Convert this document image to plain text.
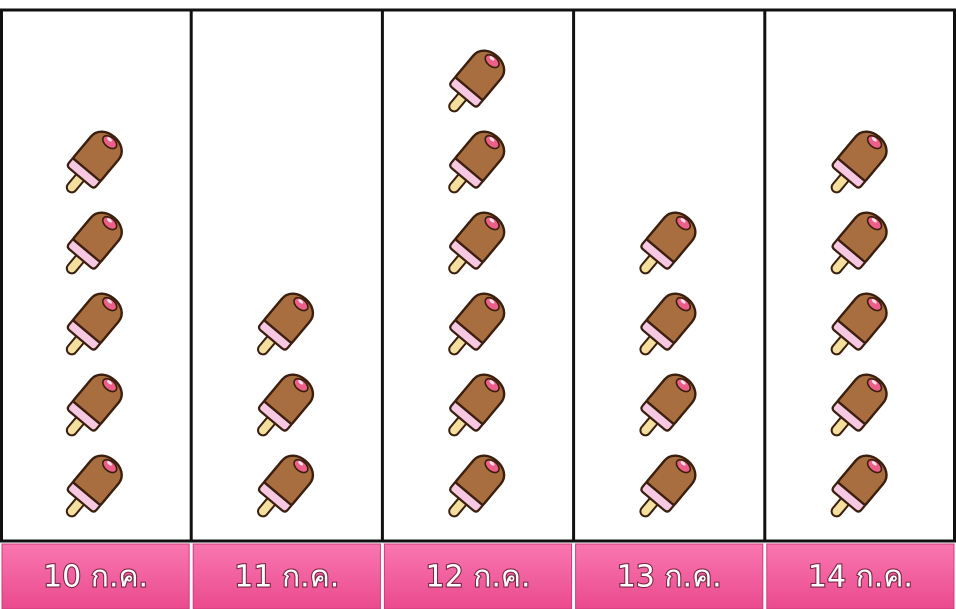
10 ก.ค.	11 ก.ค.	12 ก.ค.	13 ก.ค.	14 ก.ค.
